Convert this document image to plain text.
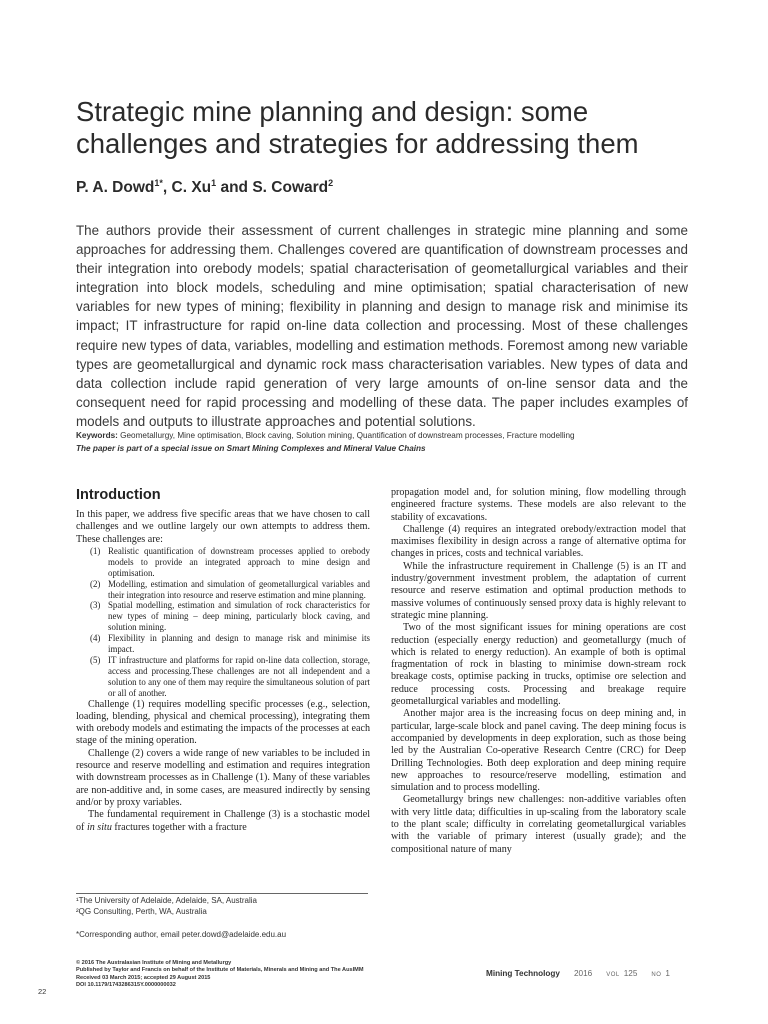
Strategic mine planning and design: some challenges and strategies for addressing them

P. A. Dowd$^{1*}$, C. Xu$^1$ and S. Coward$^2$

The authors provide their assessment of current challenges in strategic mine planning and some approaches for addressing them. Challenges covered are quantification of downstream processes and their integration into orebody models; spatial characterisation of geometallurgical variables and their integration into block models, scheduling and mine optimisation; spatial characterisation of new variables for new types of mining; flexibility in planning and design to manage risk and minimise its impact; IT infrastructure for rapid on-line data collection and processing. Most of these challenges require new types of data, variables, modelling and estimation methods. Foremost among new variable types are geometallurgical and dynamic rock mass characterisation variables. New types of data and data collection include rapid generation of very large amounts of on-line sensor data and the consequent need for rapid processing and modelling of these data. The paper includes examples of models and outputs to illustrate approaches and potential solutions.

Keywords: Geometallurgy, Mine optimisation, Block caving, Solution mining, Quantification of downstream processes, Fracture modelling

The paper is part of a special issue on Smart Mining Complexes and Mineral Value Chains

Introduction

In this paper, we address five specific areas that we have chosen to call challenges and we outline largely our own attempts to address them. These challenges are:

(1) Realistic quantification of downstream processes applied to orebody models to provide an integrated approach to mine design and optimisation.
(2) Modelling, estimation and simulation of geometallurgical variables and their integration into resource and reserve estimation and mine planning.
(3) Spatial modelling, estimation and simulation of rock characteristics for new types of mining – deep mining, particularly block caving, and solution mining.
(4) Flexibility in planning and design to manage risk and minimise its impact.
(5) IT infrastructure and platforms for rapid on-line data collection, storage, access and processing.These challenges are not all independent and a solution to any one of them may require the simultaneous solution of part or all of another.

Challenge (1) requires modelling specific processes (e.g., selection, loading, blending, physical and chemical processing), integrating them with orebody models and estimating the impacts of the processes at each stage of the mining operation.

Challenge (2) covers a wide range of new variables to be included in resource and reserve modelling and estimation and requires integration with downstream processes as in Challenge (1). Many of these variables are non-additive and, in some cases, are measured indirectly by sensing and/or by proxy variables.

The fundamental requirement in Challenge (3) is a stochastic model of in situ fractures together with a fracture

propagation model and, for solution mining, flow modelling through engineered fracture systems. These models are also relevant to the stability of excavations.

Challenge (4) requires an integrated orebody/extraction model that maximises flexibility in design across a range of alternative optima for changes in prices, costs and technical variables.

While the infrastructure requirement in Challenge (5) is an IT and industry/government investment problem, the adaptation of current resource and reserve estimation and optimal production methods to massive volumes of continuously sensed proxy data is highly relevant to strategic mine planning.

Two of the most significant issues for mining operations are cost reduction (especially energy reduction) and geometallurgy (much of which is related to energy reduction). An example of both is optimal fragmentation of rock in blasting to minimise down-stream rock breakage costs, optimise packing in trucks, optimise ore selection and reduce processing costs. Processing and breakage require geometallurgical variables and modelling.

Another major area is the increasing focus on deep mining and, in particular, large-scale block and panel caving. The deep mining focus is accompanied by developments in deep exploration, such as those being led by the Australian Co-operative Research Centre (CRC) for Deep Drilling Technologies. Both deep exploration and deep mining require new approaches to resource/reserve modelling, estimation and simulation and to process modelling.

Geometallurgy brings new challenges: non-additive variables often with very little data; difficulties in up-scaling from the laboratory scale to the plant scale; difficulty in correlating geometallurgical variables with the variable of primary interest (usually grade); and the compositional nature of many

¹The University of Adelaide, Adelaide, SA, Australia

²QG Consulting, Perth, WA, Australia

*Corresponding author, email peter.dowd@adelaide.edu.au

© 2016 The Australasian Institute of Mining and Metallurgy

Published by Taylor and Francis on behalf of the Institute of Materials, Minerals and Mining and The AusIMM

Received 03 March 2015; accepted 29 August 2015

DOI 10.1179/1743286315Y.0000000032

22
Mining Technology 2016 VOL 125 NO 1
